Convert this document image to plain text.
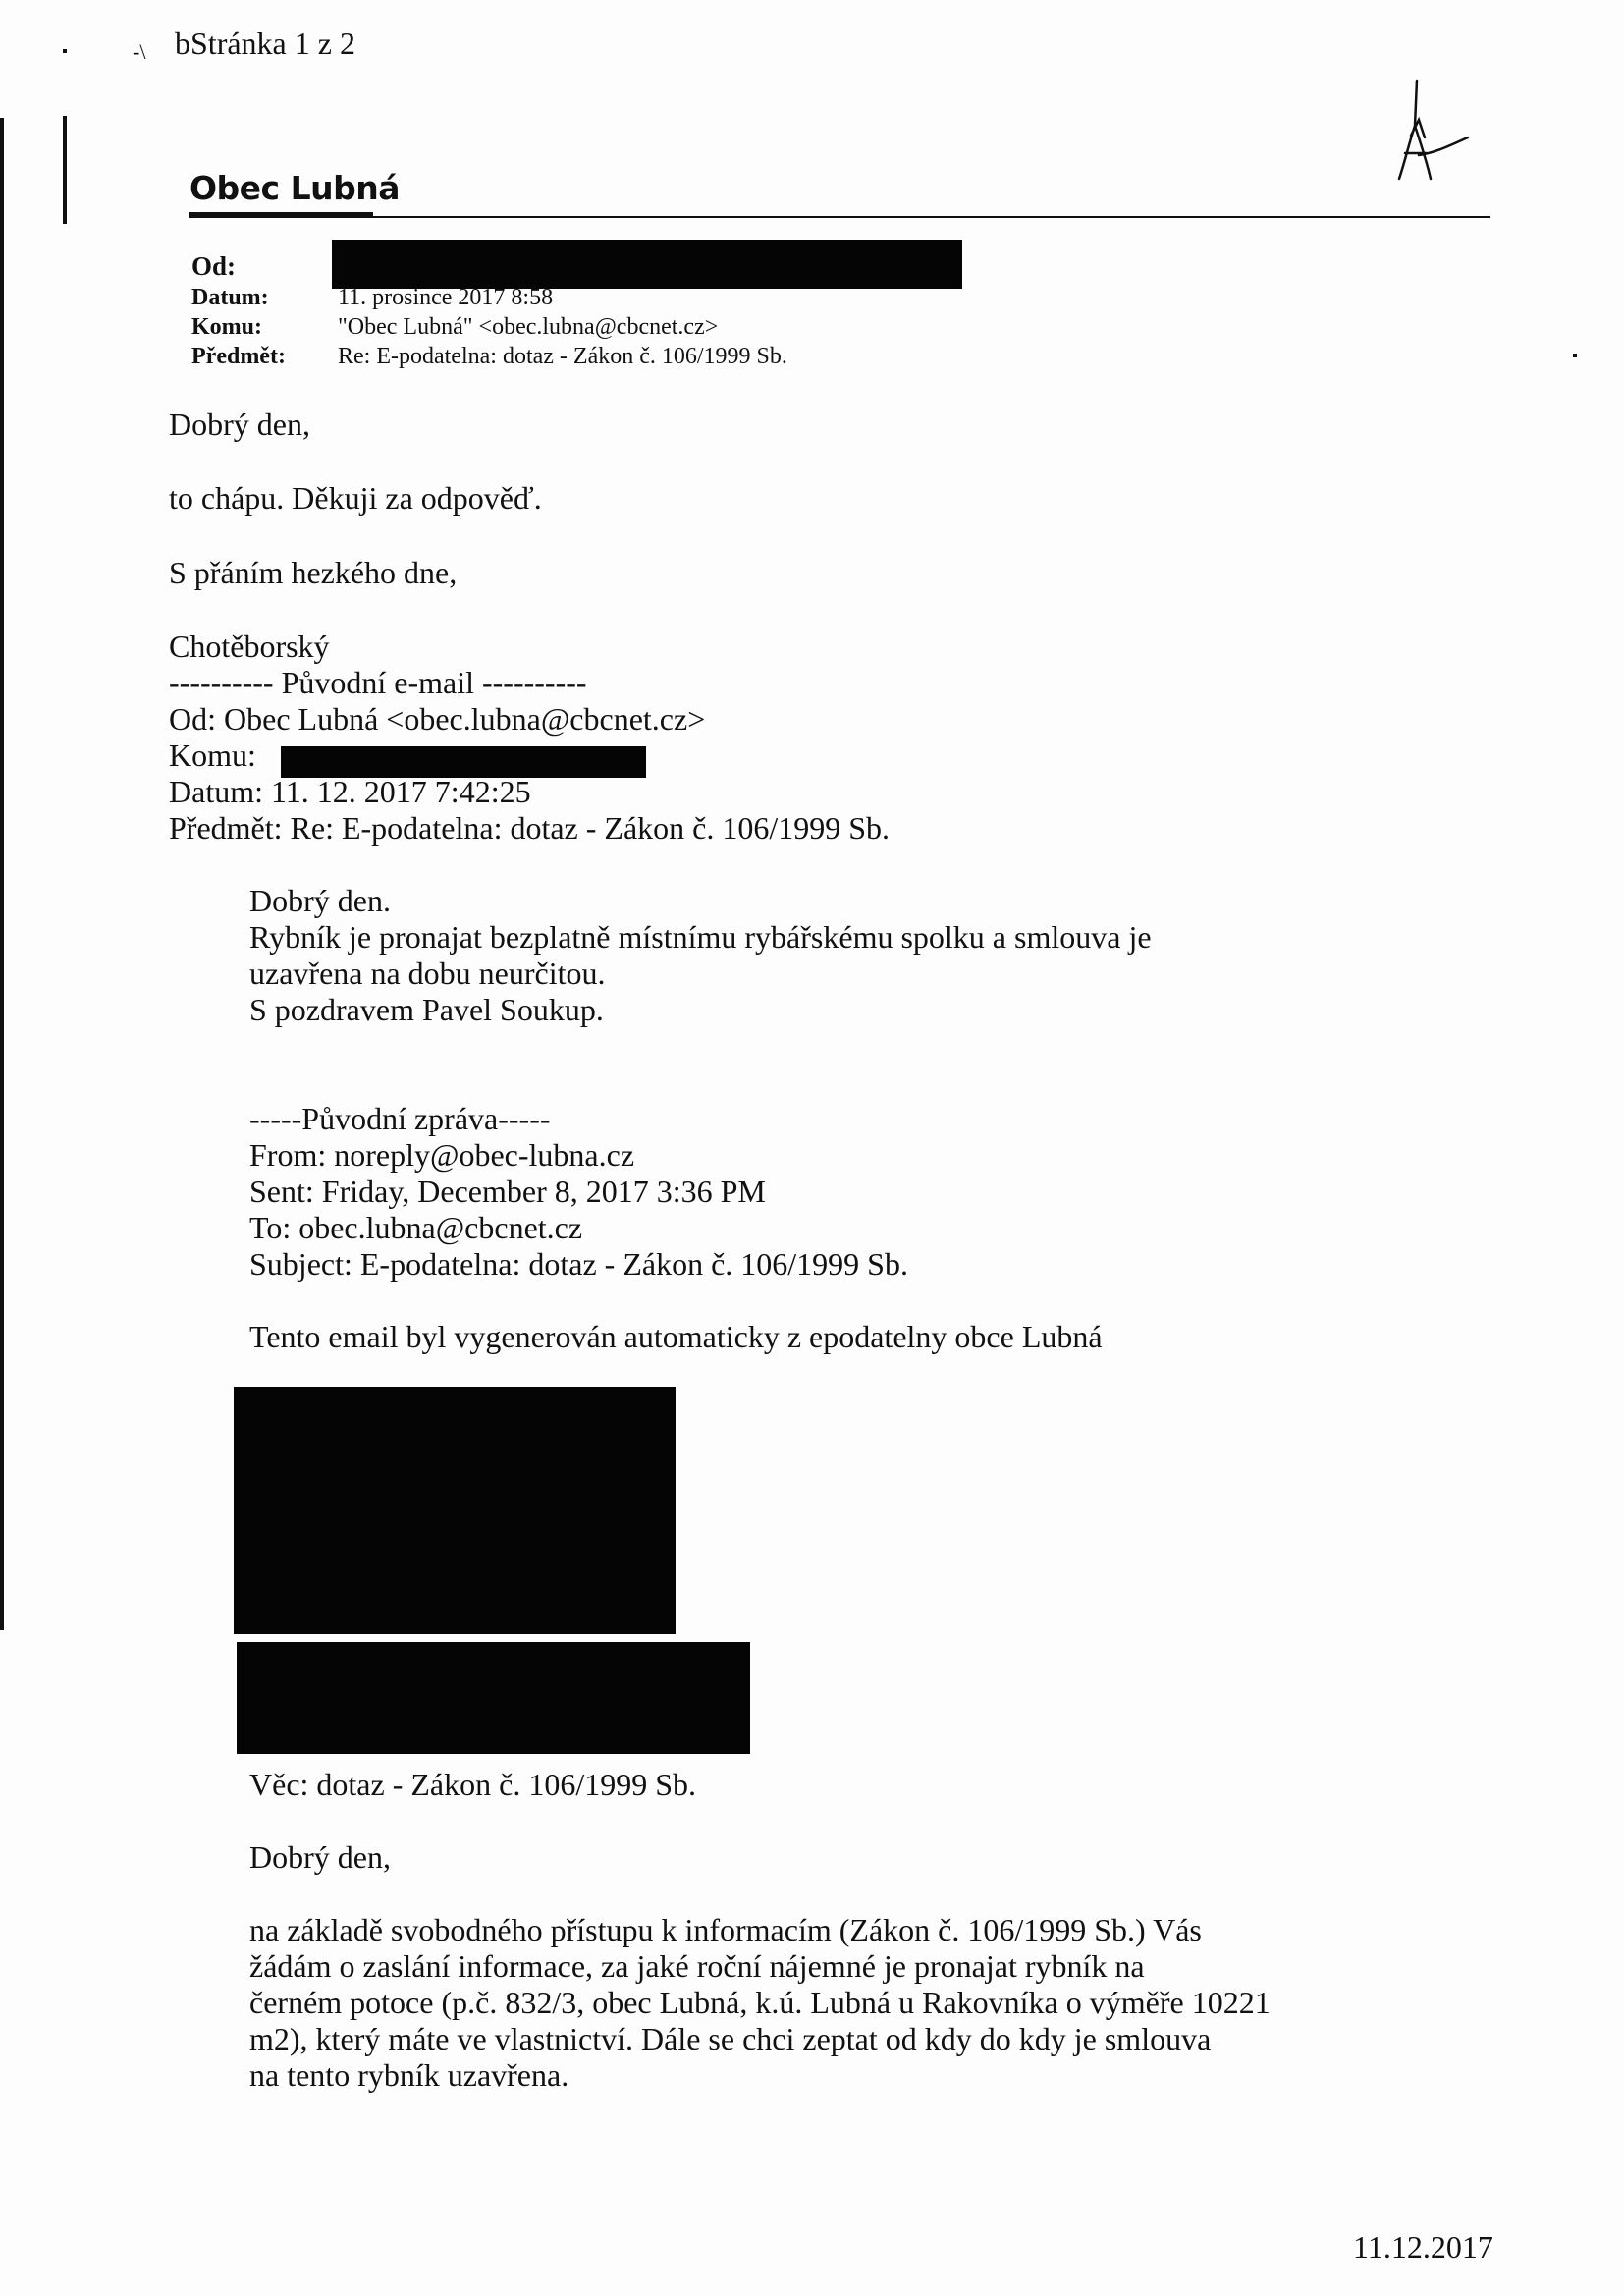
-\ bStránka 1 z 2
Obec Lubná
Od:
Datum:	11. prosince 2017 8:58
Komu:	"Obec Lubná" <obec.lubna@cbcnet.cz>
Předmět: Re: E-podatelna: dotaz - Zákon č. 106/1999 Sb.
Dobrý den,
to chápu. Děkuji za odpověď.
S přáním hezkého dne,
Chotěborský
---------- Původní e-mail ----------
Od: Obec Lubná <obec.lubna@cbcnet.cz>
Komu:
Datum: 11. 12. 2017 7:42:25
Předmět: Re: E-podatelna: dotaz - Zákon č. 106/1999 Sb.
Dobrý den.
Rybník je pronajat bezplatně místnímu rybářskému spolku a smlouva je
uzavřena na dobu neurčitou.
S pozdravem Pavel Soukup.
-----Původní zpráva-----
From: noreply@obec-lubna.cz
Sent: Friday, December 8, 2017 3:36 PM
To: obec.lubna@cbcnet.cz
Subject: E-podatelna: dotaz - Zákon č. 106/1999 Sb.
Tento email byl vygenerován automaticky z epodatelny obce Lubná
Věc: dotaz - Zákon č. 106/1999 Sb.
Dobrý den,
na základě svobodného přístupu k informacím (Zákon č. 106/1999 Sb.) Vás
žádám o zaslání informace, za jaké roční nájemné je pronajat rybník na
černém potoce (p.č. 832/3, obec Lubná, k.ú. Lubná u Rakovníka o výměře 10221
m2), který máte ve vlastnictví. Dále se chci zeptat od kdy do kdy je smlouva
na tento rybník uzavřena.
11.12.2017
